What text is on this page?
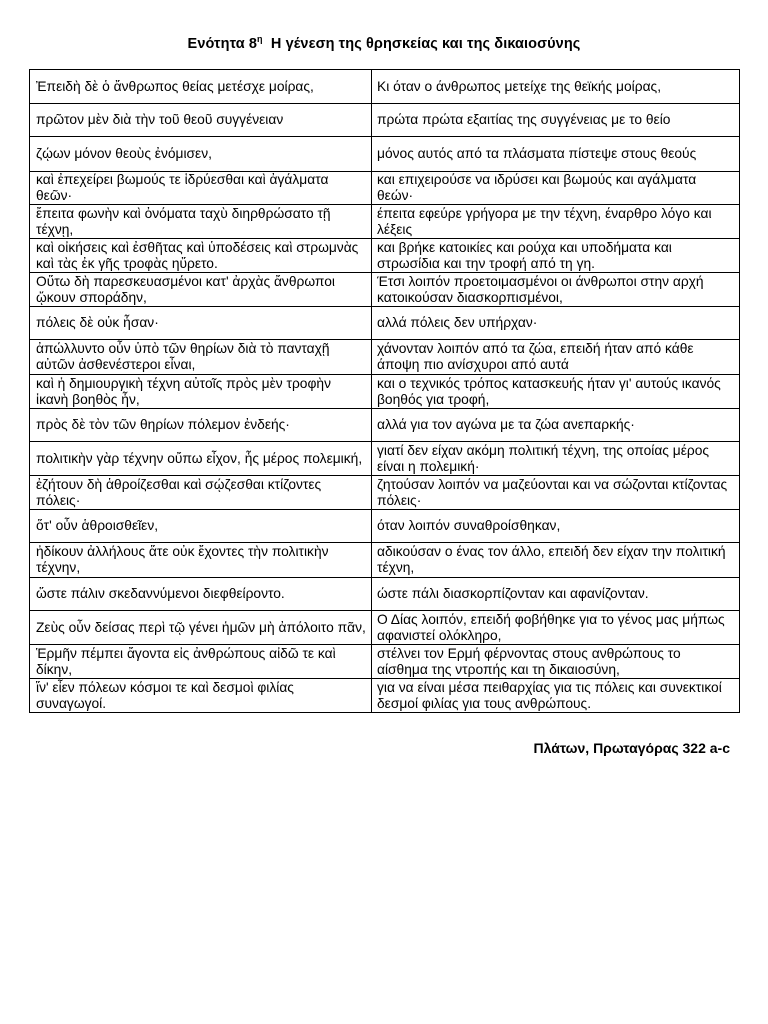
Ενότητα $8^\eta$  Η γένεση της θρησκείας και της δικαιοσύνης
Ἐπειδὴ δὲ ὁ ἄνθρωπος θείας μετέσχε μοίρας,	Κι όταν ο άνθρωπος μετείχε της θεϊκής μοίρας,
πρῶτον μὲν διὰ τὴν τοῦ θεοῦ συγγένειαν	πρώτα πρώτα εξαιτίας της συγγένειας με το θείο
ζῴων μόνον θεοὺς ἐνόμισεν,	μόνος αυτός από τα πλάσματα πίστεψε στους θεούς
καὶ ἐπεχείρει βωμούς τε ἱδρύεσθαι καὶ ἀγάλματα θεῶν·	και επιχειρούσε να ιδρύσει και βωμούς και αγάλματα θεών·
ἔπειτα φωνὴν καὶ ὀνόματα ταχὺ διηρθρώσατο τῇ τέχνῃ,	έπειτα εφεύρε γρήγορα με την τέχνη, έναρθρο λόγο και λέξεις
καὶ οἰκήσεις καὶ ἐσθῆτας καὶ ὑποδέσεις καὶ στρωμνὰς καὶ τὰς ἐκ γῆς τροφὰς ηὕρετο.	και βρήκε κατοικίες και ρούχα και υποδήματα και στρωσίδια και την τροφή από τη γη.
Οὕτω δὴ παρεσκευασμένοι κατ' ἀρχὰς ἄνθρωποι ᾤκουν σποράδην,	Έτσι λοιπόν προετοιμασμένοι οι άνθρωποι στην αρχή κατοικούσαν διασκορπισμένοι,
πόλεις δὲ οὐκ ἦσαν·	αλλά πόλεις δεν υπήρχαν·
ἀπώλλυντο οὖν ὑπὸ τῶν θηρίων διὰ τὸ πανταχῇ αὐτῶν ἀσθενέστεροι εἶναι,	χάνονταν λοιπόν από τα ζώα, επειδή ήταν από κάθε άποψη πιο ανίσχυροι από αυτά
καὶ ἡ δημιουργικὴ τέχνη αὐτοῖς πρὸς μὲν τροφὴν ἱκανὴ βοηθὸς ἦν,	και ο τεχνικός τρόπος κατασκευής ήταν γι' αυτούς ικανός βοηθός για τροφή,
πρὸς δὲ τὸν τῶν θηρίων πόλεμον ἐνδεής·	αλλά για τον αγώνα με τα ζώα ανεπαρκής·
πολιτικὴν γὰρ τέχνην οὔπω εἶχον, ἧς μέρος πολεμική,	γιατί δεν είχαν ακόμη πολιτική τέχνη, της οποίας μέρος είναι η πολεμική·
ἐζήτουν δὴ ἁθροίζεσθαι καὶ σῴζεσθαι κτίζοντες πόλεις·	ζητούσαν λοιπόν να μαζεύονται και να σώζονται κτίζοντας πόλεις·
ὅτ' οὖν ἁθροισθεῖεν,	όταν λοιπόν συναθροίσθηκαν,
ἠδίκουν ἀλλήλους ἅτε οὐκ ἔχοντες τὴν πολιτικὴν τέχνην,	αδικούσαν ο ένας τον άλλο, επειδή δεν είχαν την πολιτική τέχνη,
ὥστε πάλιν σκεδαννύμενοι διεφθείροντο.	ώστε πάλι διασκορπίζονταν και αφανίζονταν.
Ζεὺς οὖν δείσας περὶ τῷ γένει ἡμῶν μὴ ἀπόλοιτο πᾶν,	Ο Δίας λοιπόν, επειδή φοβήθηκε για το γένος μας μήπως αφανιστεί ολόκληρο,
Ἑρμῆν πέμπει ἄγοντα εἰς ἀνθρώπους αἰδῶ τε καὶ δίκην,	στέλνει τον Ερμή φέρνοντας στους ανθρώπους το αίσθημα της ντροπής και τη δικαιοσύνη,
ἵν' εἶεν πόλεων κόσμοι τε καὶ δεσμοὶ φιλίας συναγωγοί.	για να είναι μέσα πειθαρχίας για τις πόλεις και συνεκτικοί δεσμοί φιλίας για τους ανθρώπους.
Πλάτων, Πρωταγόρας 322 a-c
